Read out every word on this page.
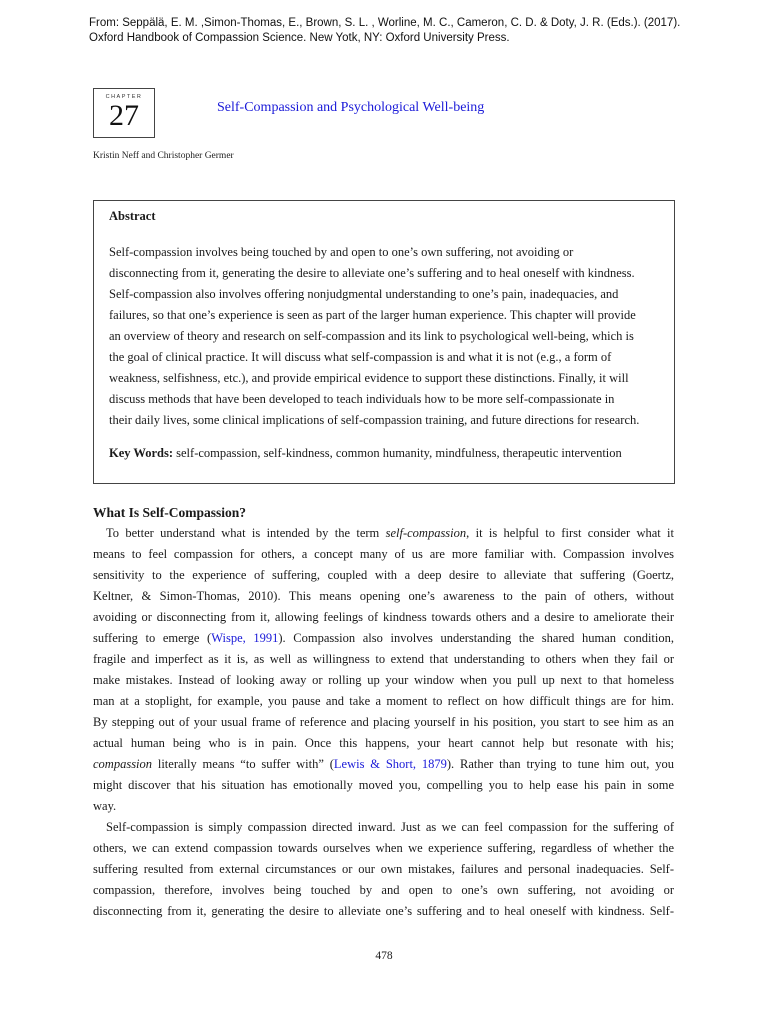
From: Seppälä, E. M. ,Simon-Thomas, E., Brown, S. L. , Worline, M. C., Cameron, C. D. & Doty, J. R. (Eds.). (2017).
Oxford Handbook of Compassion Science. New Yotk, NY: Oxford University Press.
CHAPTER
27	Self-Compassion and Psychological Well-being
Kristin Neff and Christopher Germer
Abstract
Self-compassion involves being touched by and open to one’s own suffering, not avoiding or
disconnecting from it, generating the desire to alleviate one’s suffering and to heal oneself with kindness.
Self-compassion also involves offering nonjudgmental understanding to one’s pain, inadequacies, and
failures, so that one’s experience is seen as part of the larger human experience. This chapter will provide
an overview of theory and research on self-compassion and its link to psychological well-being, which is
the goal of clinical practice. It will discuss what self-compassion is and what it is not (e.g., a form of
weakness, selfishness, etc.), and provide empirical evidence to support these distinctions. Finally, it will
discuss methods that have been developed to teach individuals how to be more self-compassionate in
their daily lives, some clinical implications of self-compassion training, and future directions for research.
Key Words: self-compassion, self-kindness, common humanity, mindfulness, therapeutic intervention
What Is Self-Compassion?
To better understand what is intended by the term self-compassion, it is helpful to first consider what it
means to feel compassion for others, a concept many of us are more familiar with. Compassion involves
sensitivity to the experience of suffering, coupled with a deep desire to alleviate that suffering (Goertz,
Keltner, & Simon-Thomas, 2010). This means opening one’s awareness to the pain of others, without
avoiding or disconnecting from it, allowing feelings of kindness towards others and a desire to ameliorate their
suffering to emerge (Wispe, 1991). Compassion also involves understanding the shared human condition,
fragile and imperfect as it is, as well as willingness to extend that understanding to others when they fail or
make mistakes. Instead of looking away or rolling up your window when you pull up next to that homeless
man at a stoplight, for example, you pause and take a moment to reflect on how difficult things are for him.
By stepping out of your usual frame of reference and placing yourself in his position, you start to see him as an
actual human being who is in pain. Once this happens, your heart cannot help but resonate with his;
compassion literally means “to suffer with” (Lewis & Short, 1879). Rather than trying to tune him out, you
might discover that his situation has emotionally moved you, compelling you to help ease his pain in some
way.
Self-compassion is simply compassion directed inward. Just as we can feel compassion for the suffering of
others, we can extend compassion towards ourselves when we experience suffering, regardless of whether the
suffering resulted from external circumstances or our own mistakes, failures and personal inadequacies. Self-
compassion, therefore, involves being touched by and open to one’s own suffering, not avoiding or
disconnecting from it, generating the desire to alleviate one’s suffering and to heal oneself with kindness. Self-
478
